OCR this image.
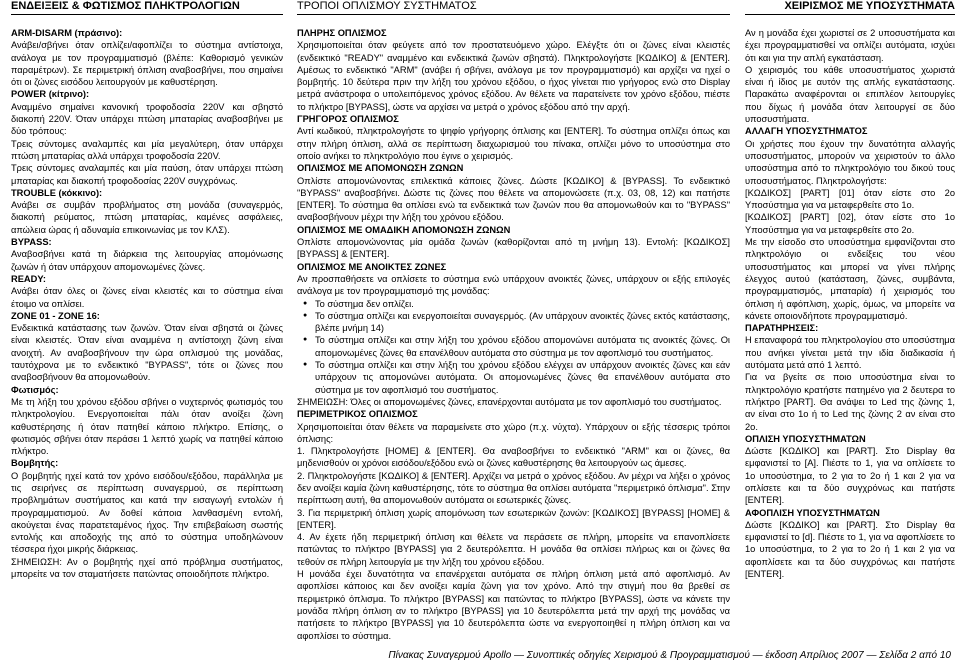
ΕΝΔΕΙΞΕΙΣ & ΦΩΤΙΣΜΟΣ ΠΛΗΚΤΡΟΛΟΓΙΩΝ

ARM-DISARM (πράσινο):

Ανάβει/σβήνει όταν οπλίζει/αφοπλίζει το σύστημα αντίστοιχα, ανάλογα με τον προγραμματισμό (βλέπε: Καθορισμό γενικών παραμέτρων). Σε περιμετρική όπλιση αναβοσβήνει, που σημαίνει ότι οι ζώνες εισόδου λειτουργούν με καθυστέρηση.

POWER (κίτρινο):

Αναμμένο σημαίνει κανονική τροφοδοσία 220V και σβηστό διακοπή 220V. Όταν υπάρχει πτώση μπαταρίας αναβοσβήνει με δύο τρόπους:

Τρεις σύντομες αναλαμπές και μία μεγαλύτερη, όταν υπάρχει πτώση μπαταρίας αλλά υπάρχει τροφοδοσία 220V.

Τρεις σύντομες αναλαμπές και μία παύση, όταν υπάρχει πτώση μπαταρίας και διακοπή τροφοδοσίας 220V συγχρόνως.

TROUBLE (κόκκινο):

Ανάβει σε συμβάν προβλήματος στη μονάδα (συναγερμός, διακοπή ρεύματος, πτώση μπαταρίας, καμένες ασφάλειες, απώλεια ώρας ή αδυναμία επικοινωνίας με τον ΚΛΣ).

BYPASS:

Αναβοσβήνει κατά τη διάρκεια της λειτουργίας απομόνωσης ζωνών ή όταν υπάρχουν απομονωμένες ζώνες.

READY:

Ανάβει όταν όλες οι ζώνες είναι κλειστές και το σύστημα είναι έτοιμο να οπλίσει.

ZONE 01 - ZONE 16:

Ενδεικτικά κατάστασης των ζωνών. Όταν είναι σβηστά οι ζώνες είναι κλειστές. Όταν είναι αναμμένα η αντίστοιχη ζώνη είναι ανοιχτή. Αν αναβοσβήνουν την ώρα οπλισμού της μονάδας, ταυτόχρονα με το ενδεικτικό "BYPASS", τότε οι ζώνες που αναβοσβήνουν θα απομονωθούν.

Φωτισμός:

Με τη λήξη του χρόνου εξόδου σβήνει ο νυχτερινός φωτισμός του πληκτρολογίου. Ενεργοποιείται πάλι όταν ανοίξει ζώνη καθυστέρησης ή όταν πατηθεί κάποιο πλήκτρο. Επίσης, ο φωτισμός σβήνει όταν περάσει 1 λεπτό χωρίς να πατηθεί κάποιο πλήκτρο.

Βομβητής:

Ο βομβητής ηχεί κατά τον χρόνο εισόδου/εξόδου, παράλληλα με τις σειρήνες σε περίπτωση συναγερμού, σε περίπτωση προβλημάτων συστήματος και κατά την εισαγωγή εντολών ή προγραμματισμού. Αν δοθεί κάποια λανθασμένη εντολή, ακούγεται ένας παρατεταμένος ήχος. Την επιβεβαίωση σωστής εντολής και αποδοχής της από το σύστημα υποδηλώνουν τέσσερα ήχοι μικρής διάρκειας.

ΣΗΜΕΙΩΣΗ: Αν ο βομβητής ηχεί από πρόβλημα συστήματος, μπορείτε να τον σταματήσετε πατώντας οποιοδήποτε πλήκτρο.

ΤΡΟΠΟΙ ΟΠΛΙΣΜΟΥ ΣΥΣΤΗΜΑΤΟΣ

ΠΛΗΡΗΣ ΟΠΛΙΣΜΟΣ

Χρησιμοποιείται όταν φεύγετε από τον προστατευόμενο χώρο. Ελέγξτε ότι οι ζώνες είναι κλειστές (ενδεικτικό "READY" αναμμένο και ενδεικτικά ζωνών σβηστά). Πληκτρολογήστε [ΚΩΔΙΚΟ] & [ENTER]. Αμέσως το ενδεικτικό "ARM" (ανάβει ή σβήνει, ανάλογα με τον προγραμματισμό) και αρχίζει να ηχεί ο βομβητής. 10 δεύτερα πριν την λήξη του χρόνου εξόδου, ο ήχος γίνεται πιο γρήγορος ενώ στο Display μετρά ανάστροφα ο υπολειπόμενος χρόνος εξόδου. Αν θέλετε να παρατείνετε τον χρόνο εξόδου, πιέστε το πλήκτρο [BYPASS], ώστε να αρχίσει να μετρά ο χρόνος εξόδου από την αρχή.

ΓΡΗΓΟΡΟΣ ΟΠΛΙΣΜΟΣ

Αντί κωδικού, πληκτρολογήστε το ψηφίο γρήγορης όπλισης και [ENTER]. Το σύστημα οπλίζει όπως και στην πλήρη όπλιση, αλλά σε περίπτωση διαχωρισμού του πίνακα, οπλίζει μόνο το υποσύστημα στο οποίο ανήκει το πληκτρολόγιο που έγινε ο χειρισμός.

ΟΠΛΙΣΜΟΣ ΜΕ ΑΠΟΜΟΝΩΣΗ ΖΩΝΩΝ

Οπλίστε απομονώνοντας επιλεκτικά κάποιες ζώνες. Δώστε [ΚΩΔΙΚΟ] & [BYPASS]. Το ενδεικτικό "BYPASS" αναβοσβήνει. Δώστε τις ζώνες που θέλετε να απομονώσετε (π.χ. 03, 08, 12) και πατήστε [ENTER]. Το σύστημα θα οπλίσει ενώ τα ενδεικτικά των ζωνών που θα απομονωθούν και το "BYPASS" αναβοσβήνουν μέχρι την λήξη του χρόνου εξόδου.

ΟΠΛΙΣΜΟΣ ΜΕ ΟΜΑΔΙΚΗ ΑΠΟΜΟΝΩΣΗ ΖΩΝΩΝ

Οπλίστε απομονώνοντας μία ομάδα ζωνών (καθορίζονται από τη μνήμη 13). Εντολή: [ΚΩΔΙΚΟΣ] [BYPASS] & [ENTER].

ΟΠΛΙΣΜΟΣ ΜΕ ΑΝΟΙΚΤΕΣ ΖΩΝΕΣ

Αν προσπαθήσετε να οπλίσετε το σύστημα ενώ υπάρχουν ανοικτές ζώνες, υπάρχουν οι εξής επιλογές ανάλογα με τον προγραμματισμό της μονάδας:

● Το σύστημα δεν οπλίζει.
● Το σύστημα οπλίζει και ενεργοποιείται συναγερμός. (Αν υπάρχουν ανοικτές ζώνες εκτός κατάστασης, βλέπε μνήμη 14)
● Το σύστημα οπλίζει και στην λήξη του χρόνου εξόδου απομονώνει αυτόματα τις ανοικτές ζώνες. Οι απομονωμένες ζώνες θα επανέλθουν αυτόματα στο σύστημα με τον αφοπλισμό του συστήματος.
● Το σύστημα οπλίζει και στην λήξη του χρόνου εξόδου ελέγχει αν υπάρχουν ανοικτές ζώνες και εάν υπάρχουν τις απομονώνει αυτόματα. Οι απομονωμένες ζώνες θα επανέλθουν αυτόματα στο σύστημα με τον αφοπλισμό του συστήματος.

ΣΗΜΕΙΩΣΗ: Όλες οι απομονωμένες ζώνες, επανέρχονται αυτόματα με τον αφοπλισμό του συστήματος.

ΠΕΡΙΜΕΤΡΙΚΟΣ ΟΠΛΙΣΜΟΣ

Χρησιμοποιείται όταν θέλετε να παραμείνετε στο χώρο (π.χ. νύχτα). Υπάρχουν οι εξής τέσσερις τρόποι όπλισης:

1. Πληκτρολογήστε [HOME] & [ENTER]. Θα αναβοσβήνει το ενδεικτικό "ARM" και οι ζώνες, θα μηδενισθούν οι χρόνοι εισόδου/εξόδου ενώ οι ζώνες καθυστέρησης θα λειτουργούν ως άμεσες.

2. Πληκτρολογήστε [ΚΩΔΙΚΟ] & [ENTER]. Αρχίζει να μετρά ο χρόνος εξόδου. Αν μέχρι να λήξει ο χρόνος δεν ανοίξει καμία ζώνη καθυστέρησης, τότε το σύστημα θα οπλίσει αυτόματα "περιμετρικό όπλισμα". Στην περίπτωση αυτή, θα απομονωθούν αυτόματα οι εσωτερικές ζώνες.

3. Για περιμετρική όπλιση χωρίς απομόνωση των εσωτερικών ζωνών: [ΚΩΔΙΚΟΣ] [BYPASS] [HOME] & [ENTER].

4. Αν έχετε ήδη περιμετρική όπλιση και θέλετε να περάσετε σε πλήρη, μπορείτε να επανοπλίσετε πατώντας το πλήκτρο [BYPASS] για 2 δευτερόλεπτα. Η μονάδα θα οπλίσει πλήρως και οι ζώνες θα τεθούν σε πλήρη λειτουργία με την λήξη του χρόνου εξόδου.

Η μονάδα έχει δυνατότητα να επανέρχεται αυτόματα σε πλήρη όπλιση μετά από αφοπλισμό. Αν αφοπλίσει κάποιος και δεν ανοίξει καμία ζώνη για τον χρόνο. Από την στιγμή που θα βρεθεί σε περιμετρικό όπλισμα. Το πλήκτρο [BYPASS] και πατώντας το πλήκτρο [BYPASS], ώστε να κάνετε την μονάδα πλήρη όπλιση αν το πλήκτρο [BYPASS] για 10 δευτερόλεπτα μετά την αρχή της μονάδας να πατήσετε το πλήκτρο [BYPASS] για 10 δευτερόλεπτα ώστε να ενεργοποιηθεί η πλήρη όπλιση και να αφοπλίσει το σύστημα.

ΧΕΙΡΙΣΜΟΣ ΜΕ ΥΠΟΣΥΣΤΗΜΑΤΑ

Αν η μονάδα έχει χωριστεί σε 2 υποσυστήματα και έχει προγραμματισθεί να οπλίζει αυτόματα, ισχύει ότι και για την απλή εγκατάσταση.

Ο χειρισμός του κάθε υποσυστήματος χωριστά είναι ή ίδιος με αυτόν της απλής εγκατάστασης. Παρακάτω αναφέρονται οι επιπλέον λειτουργίες που δίχως ή μονάδα όταν λειτουργεί σε δύο υποσυστήματα.

ΑΛΛΑΓΗ ΥΠΟΣΥΣΤΗΜΑΤΟΣ

Οι χρήστες που έχουν την δυνατότητα αλλαγής υποσυστήματος, μπορούν να χειριστούν το άλλο υποσύστημα από το πληκτρολόγιο του δικού τους υποσυστήματος. Πληκτρολογήστε:

[ΚΩΔΙΚΟΣ] [PART] [01] όταν είστε στο 2ο Υποσύστημα για να μεταφερθείτε στο 1ο.

[ΚΩΔΙΚΟΣ] [PART] [02], όταν είστε στο 1ο Υποσύστημα για να μεταφερθείτε στο 2ο.

Με την είσοδο στο υποσύστημα εμφανίζονται στο πληκτρολόγιο οι ενδείξεις του νέου υποσυστήματος και μπορεί να γίνει πλήρης έλεγχος αυτού (κατάσταση, ζώνες, συμβάντα, προγραμματισμός, μπαταρία) ή χειρισμός του όπλιση ή αφόπλιση, χωρίς, όμως, να μπορείτε να κάνετε οποιονδήποτε προγραμματισμό.

ΠΑΡΑΤΗΡΗΣΕΙΣ:

Η επαναφορά του πληκτρολογίου στο υποσύστημα που ανήκει γίνεται μετά την ιδία διαδικασία ή αυτόματα μετά από 1 λεπτό.

Για να βγείτε σε ποιο υποσύστημα είναι το πληκτρολόγιο κρατήστε πατημένο για 2 δευτερα το πλήκτρο [PART]. Θα ανάψει το Led της ζώνης 1, αν είναι στο 1ο ή το Led της ζώνης 2 αν είναι στο 2ο.

ΟΠΛΙΣΗ ΥΠΟΣΥΣΤΗΜΑΤΩΝ

Δώστε [ΚΩΔΙΚΟ] και [PART]. Στο Display θα εμφανιστεί το [A]. Πιέστε το 1, για να οπλίσετε το 1ο υποσύστημα, το 2 για το 2ο ή 1 και 2 για να οπλίσετε και τα δύο συγχρόνως και πατήστε [ENTER].

ΑΦΟΠΛΙΣΗ ΥΠΟΣΥΣΤΗΜΑΤΩΝ

Δώστε [ΚΩΔΙΚΟ] και [PART]. Στο Display θα εμφανιστεί το [d]. Πιέστε το 1, για να αφοπλίσετε το 1ο υποσύστημα, το 2 για το 2ο ή 1 και 2 για να αφοπλίσετε και τα δύο συγχρόνως και πατήστε [ENTER].

Πίνακας Συναγερμού Apollo — Συνοπτικές οδηγίες Χειρισμού & Προγραμματισμού — έκδοση Απρίλιος 2007 — Σελίδα 2 από 10
